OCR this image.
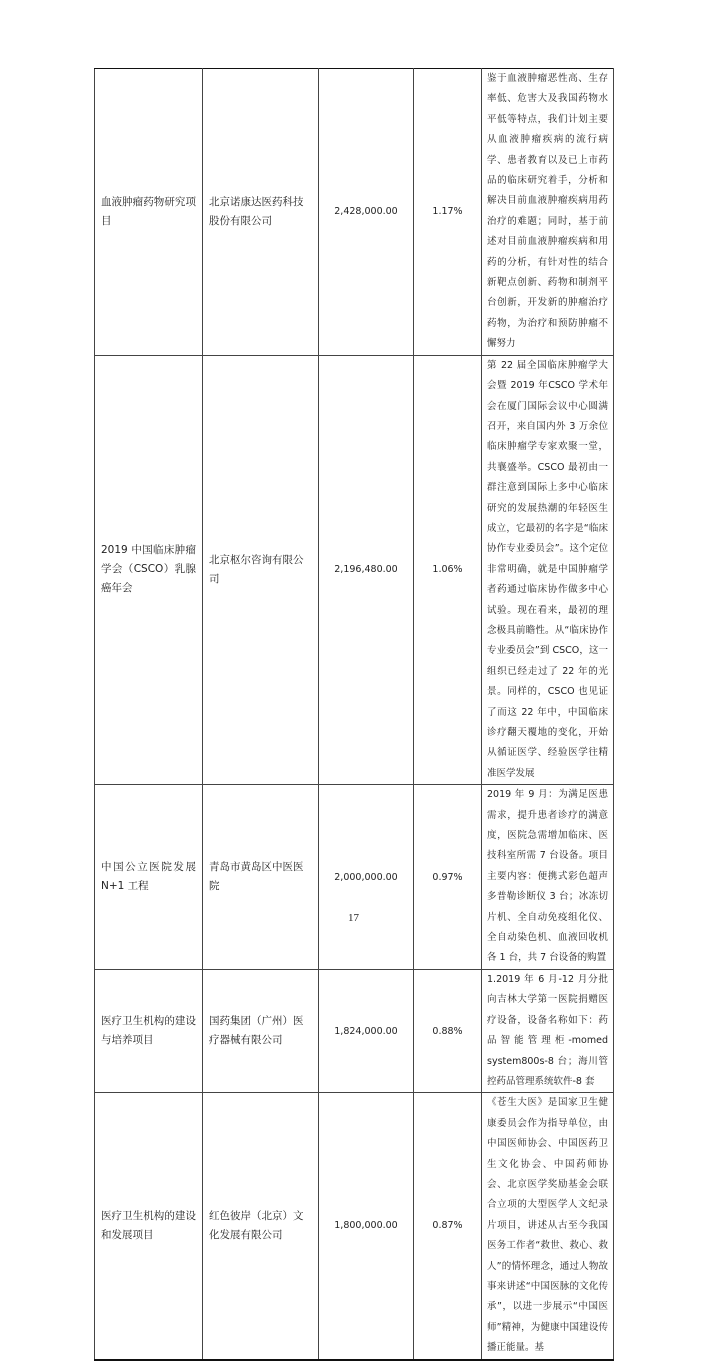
血液肿瘤药物研究项目	北京诺康达医药科技股份有限公司	2,428,000.00	1.17%	鉴于血液肿瘤恶性高、生存率低、危害大及我国药物水平低等特点，我们计划主要从血液肿瘤疾病的流行病学、患者教育以及已上市药品的临床研究着手，分析和解决目前血液肿瘤疾病用药治疗的难题；同时，基于前述对目前血液肿瘤疾病和用药的分析，有针对性的结合新靶点创新、药物和制剂平台创新，开发新的肿瘤治疗药物，为治疗和预防肿瘤不懈努力
2019 中国临床肿瘤学会（CSCO）乳腺癌年会	北京枢尔咨询有限公司	2,196,480.00	1.06%	第 22 届全国临床肿瘤学大会暨 2019 年CSCO 学术年会在厦门国际会议中心圆满召开，来自国内外 3 万余位临床肿瘤学专家欢聚一堂，共襄盛举。CSCO 最初由一群注意到国际上多中心临床研究的发展热潮的年轻医生成立，它最初的名字是“临床协作专业委员会”。这个定位非常明确，就是中国肿瘤学者药通过临床协作做多中心试验。现在看来，最初的理念极具前瞻性。从“临床协作专业委员会”到 CSCO，这一组织已经走过了 22 年的光景。同样的，CSCO 也见证了而这 22 年中，中国临床诊疗翻天覆地的变化，开始从循证医学、经验医学往精准医学发展
中国公立医院发展 N+1 工程	青岛市黄岛区中医医院	2,000,000.00	0.97%	2019 年 9 月：为满足医患需求，提升患者诊疗的满意度，医院急需增加临床、医技科室所需 7 台设备。项目主要内容：便携式彩色超声多普勒诊断仪 3 台；冰冻切片机、全自动免疫组化仪、全自动染色机、血液回收机各 1 台，共 7 台设备的购置
医疗卫生机构的建设与培养项目	国药集团（广州）医疗器械有限公司	1,824,000.00	0.88%	1.2019 年 6 月-12 月分批向吉林大学第一医院捐赠医疗设备，设备名称如下：药品智能管理柜-momed system800s-8 台；海川管控药品管理系统软件-8 套
医疗卫生机构的建设和发展项目	红色彼岸（北京）文化发展有限公司	1,800,000.00	0.87%	《苍生大医》是国家卫生健康委员会作为指导单位，由中国医师协会、中国医药卫生文化协会、中国药师协会、北京医学奖励基金会联合立项的大型医学人文纪录片项目，讲述从古至今我国医务工作者“救世、救心、救人”的情怀理念，通过人物故事来讲述“中国医脉的文化传承”，以进一步展示“中国医师”精神，为健康中国建设传播正能量。基
17
